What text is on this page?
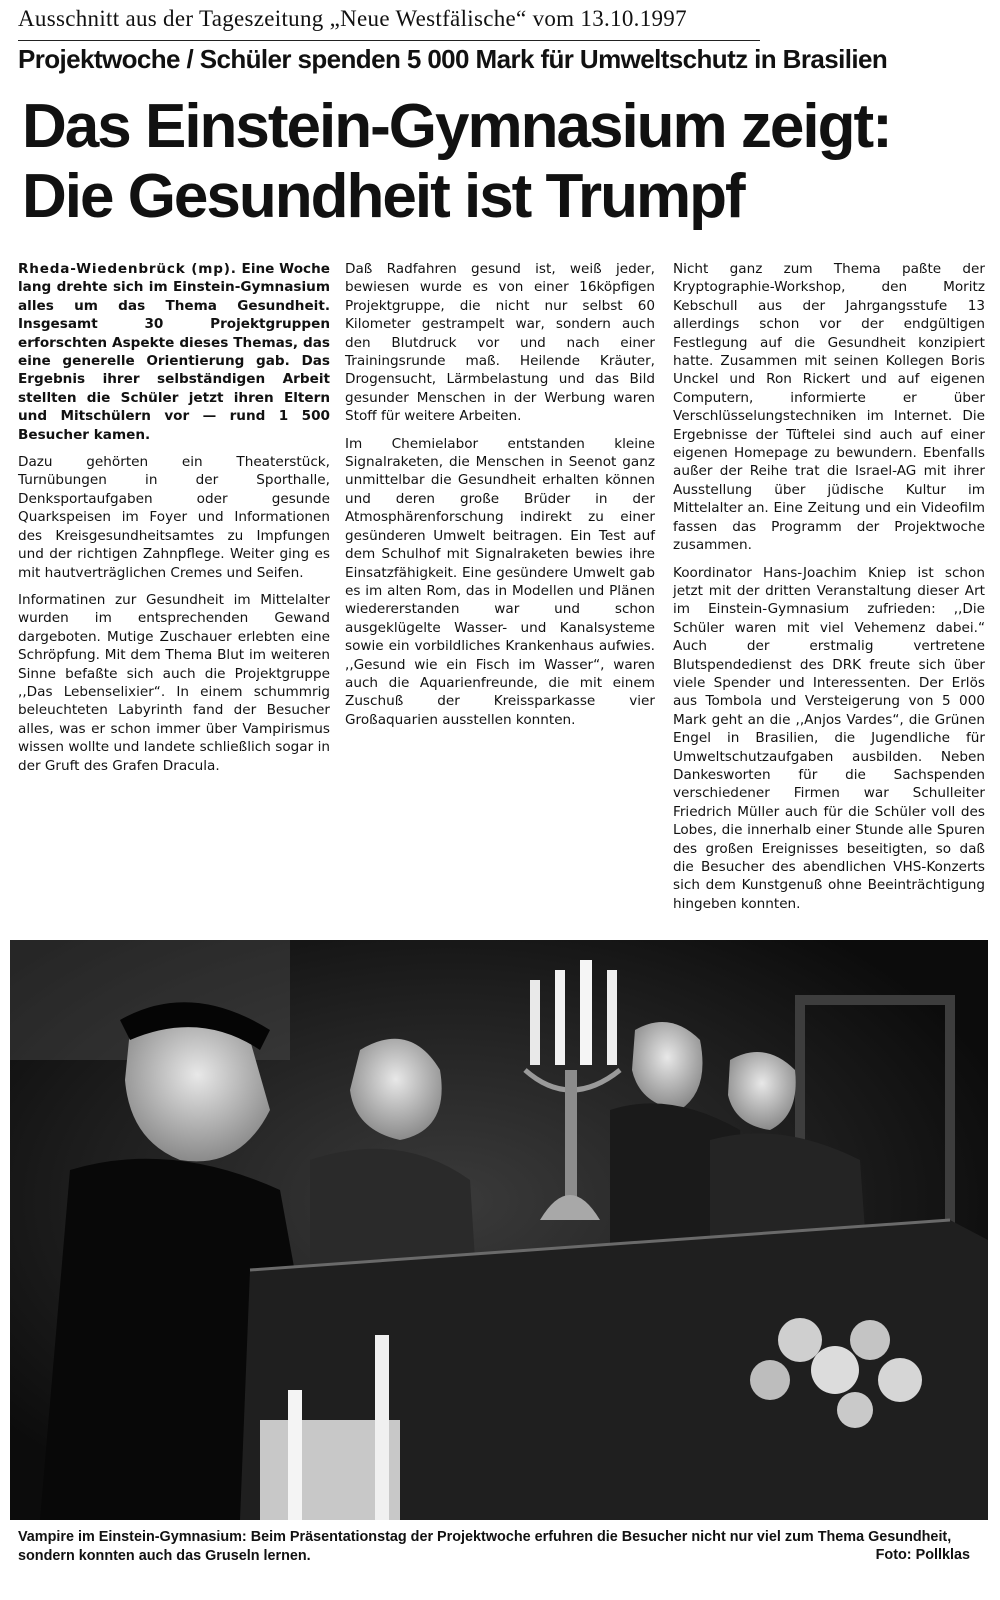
Ausschnitt aus der Tageszeitung „Neue Westfälische“ vom 13.10.1997
Projektwoche / Schüler spenden 5 000 Mark für Umweltschutz in Brasilien
Das Einstein-Gymnasium zeigt:
Die Gesundheit ist Trumpf

Rheda-Wiedenbrück (mp). Eine Woche lang drehte sich im Einstein-Gymnasium alles um das Thema Gesundheit. Insgesamt 30 Projektgruppen erforschten Aspekte dieses Themas, das eine generelle Orientierung gab. Das Ergebnis ihrer selbständigen Arbeit stellten die Schüler jetzt ihren Eltern und Mitschülern vor — rund 1 500 Besucher kamen.

Dazu gehörten ein Theaterstück, Turnübungen in der Sporthalle, Denksportaufgaben oder gesunde Quarkspeisen im Foyer und Informationen des Kreisgesundheitsamtes zu Impfungen und der richtigen Zahnpflege. Weiter ging es mit hautverträglichen Cremes und Seifen.

Informatinen zur Gesundheit im Mittelalter wurden im entsprechenden Gewand dargeboten. Mutige Zuschauer erlebten eine Schröpfung. Mit dem Thema Blut im weiteren Sinne befaßte sich auch die Projektgruppe ,,Das Lebenselixier“. In einem schummrig beleuchteten Labyrinth fand der Besucher alles, was er schon immer über Vampirismus wissen wollte und landete schließlich sogar in der Gruft des Grafen Dracula.

Daß Radfahren gesund ist, weiß jeder, bewiesen wurde es von einer 16köpfigen Projektgruppe, die nicht nur selbst 60 Kilometer gestrampelt war, sondern auch den Blutdruck vor und nach einer Trainingsrunde maß. Heilende Kräuter, Drogensucht, Lärmbelastung und das Bild gesunder Menschen in der Werbung waren Stoff für weitere Arbeiten.

Im Chemielabor entstanden kleine Signalraketen, die Menschen in Seenot ganz unmittelbar die Gesundheit erhalten können und deren große Brüder in der Atmosphärenforschung indirekt zu einer gesünderen Umwelt beitragen. Ein Test auf dem Schulhof mit Signalraketen bewies ihre Einsatzfähigkeit. Eine gesündere Umwelt gab es im alten Rom, das in Modellen und Plänen wiedererstanden war und schon ausgeklügelte Wasser- und Kanalsysteme sowie ein vorbildliches Krankenhaus aufwies. ,,Gesund wie ein Fisch im Wasser“, waren auch die Aquarienfreunde, die mit einem Zuschuß der Kreissparkasse vier Großaquarien ausstellen konnten.

Nicht ganz zum Thema paßte der Kryptographie-Workshop, den Moritz Kebschull aus der Jahrgangsstufe 13 allerdings schon vor der endgültigen Festlegung auf die Gesundheit konzipiert hatte. Zusammen mit seinen Kollegen Boris Unckel und Ron Rickert und auf eigenen Computern, informierte er über Verschlüsselungstechniken im Internet. Die Ergebnisse der Tüftelei sind auch auf einer eigenen Homepage zu bewundern. Ebenfalls außer der Reihe trat die Israel-AG mit ihrer Ausstellung über jüdische Kultur im Mittelalter an. Eine Zeitung und ein Videofilm fassen das Programm der Projektwoche zusammen.

Koordinator Hans-Joachim Kniep ist schon jetzt mit der dritten Veranstaltung dieser Art im Einstein-Gymnasium zufrieden: ,,Die Schüler waren mit viel Vehemenz dabei.“ Auch der erstmalig vertretene Blutspendedienst des DRK freute sich über viele Spender und Interessenten. Der Erlös aus Tombola und Versteigerung von 5 000 Mark geht an die ,,Anjos Vardes“, die Grünen Engel in Brasilien, die Jugendliche für Umweltschutzaufgaben ausbilden. Neben Dankesworten für die Sachspenden verschiedener Firmen war Schulleiter Friedrich Müller auch für die Schüler voll des Lobes, die innerhalb einer Stunde alle Spuren des großen Ereignisses beseitigten, so daß die Besucher des abendlichen VHS-Konzerts sich dem Kunstgenuß ohne Beeinträchtigung hingeben konnten.

Vampire im Einstein-Gymnasium: Beim Präsentationstag der Projektwoche erfuhren die Besucher nicht nur viel zum Thema Gesundheit, sondern konnten auch das Gruseln lernen.	Foto: Pollklas
